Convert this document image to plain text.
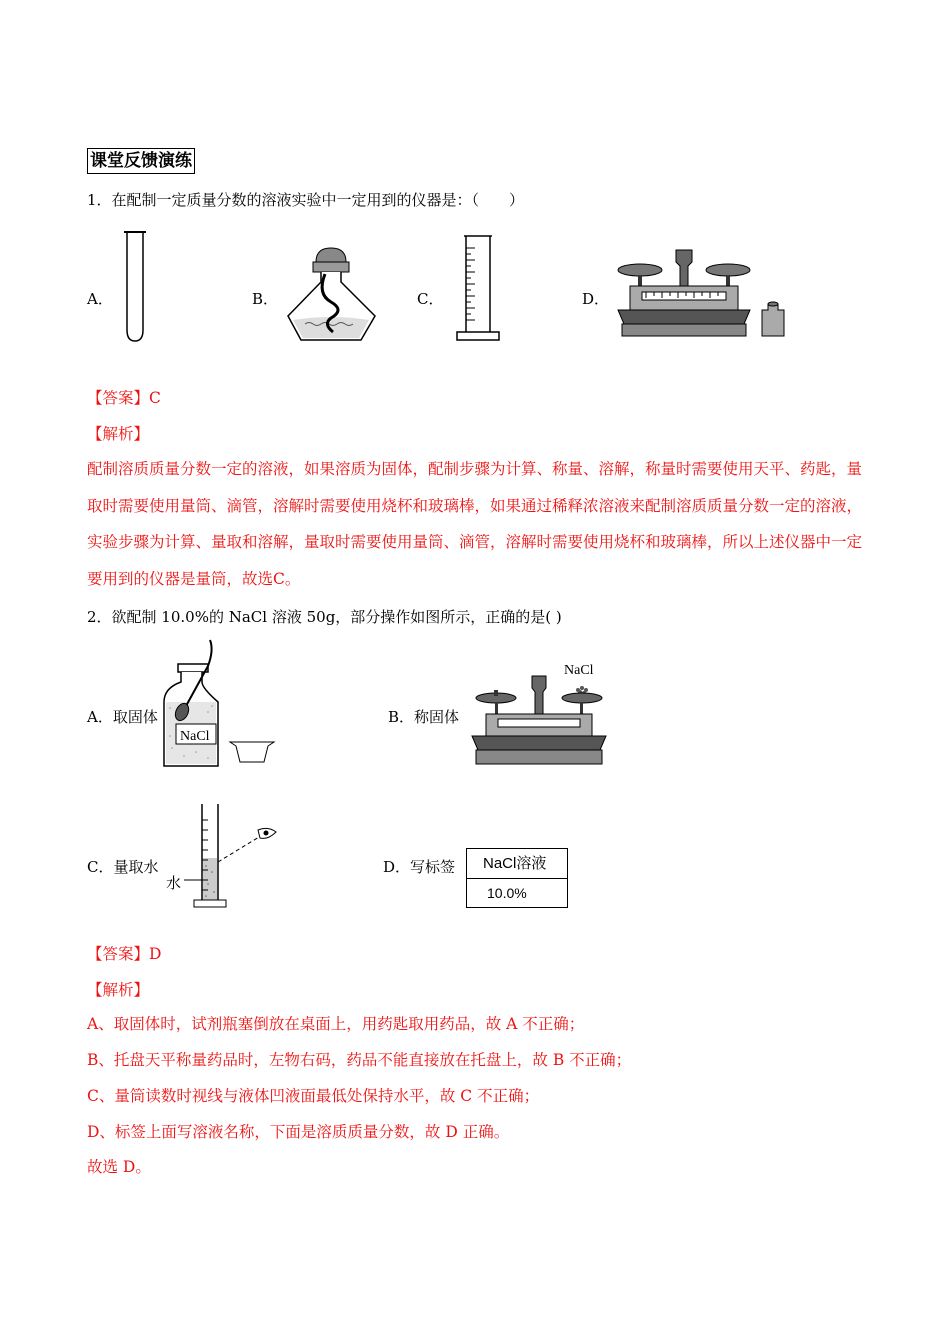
课堂反馈演练
1．在配制一定质量分数的溶液实验中一定用到的仪器是：（　　）
A．	B．	C．	D．
【答案】C
【解析】
配制溶质质量分数一定的溶液，如果溶质为固体，配制步骤为计算、称量、溶解，称量时需要使用天平、药匙，量取时需要使用量筒、滴管，溶解时需要使用烧杯和玻璃棒，如果通过稀释浓溶液来配制溶质质量分数一定的溶液，实验步骤为计算、量取和溶解，量取时需要使用量筒、滴管，溶解时需要使用烧杯和玻璃棒，所以上述仪器中一定要用到的仪器是量筒，故选C。
2．欲配制 10.0%的 NaCl 溶液 50g，部分操作如图所示，正确的是( )
A．取固体	B．称固体
C．量取水	D．写标签
NaCl
NaCl
水
NaCl溶液
10.0%
【答案】D
【解析】
A、取固体时，试剂瓶塞倒放在桌面上，用药匙取用药品，故 A 不正确；
B、托盘天平称量药品时，左物右码，药品不能直接放在托盘上，故 B 不正确；
C、量筒读数时视线与液体凹液面最低处保持水平，故 C 不正确；
D、标签上面写溶液名称，下面是溶质质量分数，故 D 正确。
故选 D。
